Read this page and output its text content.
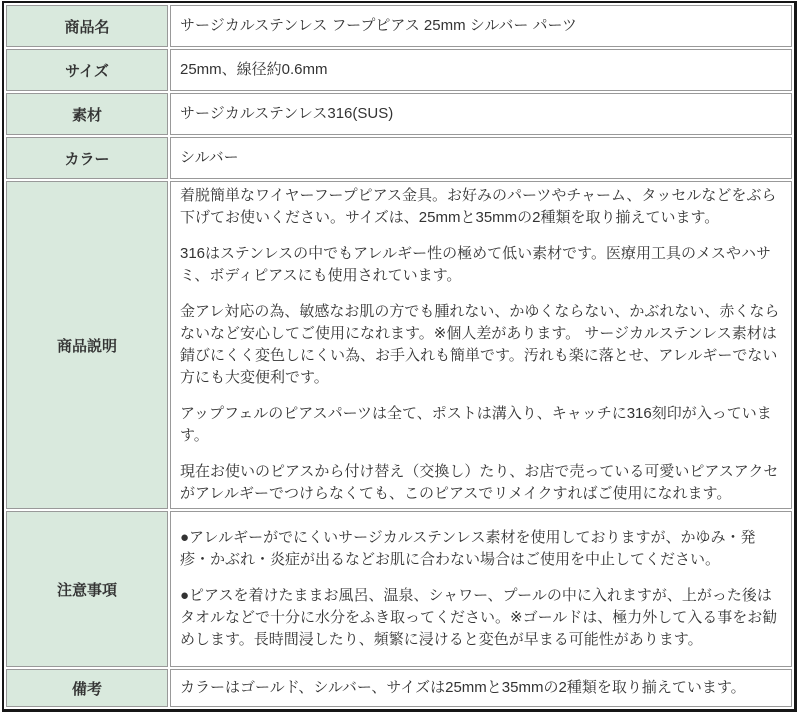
商品名	サージカルステンレス フープピアス 25mm シルバー パーツ

サイズ	25mm、線径約0.6mm

素材	サージカルステンレス316(SUS)

カラー	シルバー

商品説明	着脱簡単なワイヤーフープピアス金具。お好みのパーツやチャーム、タッセルなどをぶら下げてお使いください。サイズは、25mmと35mmの2種類を取り揃えています。

316はステンレスの中でもアレルギー性の極めて低い素材です。医療用工具のメスやハサミ、ボディピアスにも使用されています。

金アレ対応の為、敏感なお肌の方でも腫れない、かゆくならない、かぶれない、赤くならないなど安心してご使用になれます。※個人差があります。 サージカルステンレス素材は錆びにくく変色しにくい為、お手入れも簡単です。汚れも楽に落とせ、アレルギーでない方にも大変便利です。

アップフェルのピアスパーツは全て、ポストは溝入り、キャッチに316刻印が入っています。

現在お使いのピアスから付け替え（交換し）たり、お店で売っている可愛いピアスアクセがアレルギーでつけらなくても、このピアスでリメイクすればご使用になれます。

注意事項	●アレルギーがでにくいサージカルステンレス素材を使用しておりますが、かゆみ・発疹・かぶれ・炎症が出るなどお肌に合わない場合はご使用を中止してください。

●ピアスを着けたままお風呂、温泉、シャワー、プールの中に入れますが、上がった後はタオルなどで十分に水分をふき取ってください。※ゴールドは、極力外して入る事をお勧めします。長時間浸したり、頻繁に浸けると変色が早まる可能性があります。

備考	カラーはゴールド、シルバー、サイズは25mmと35mmの2種類を取り揃えています。
